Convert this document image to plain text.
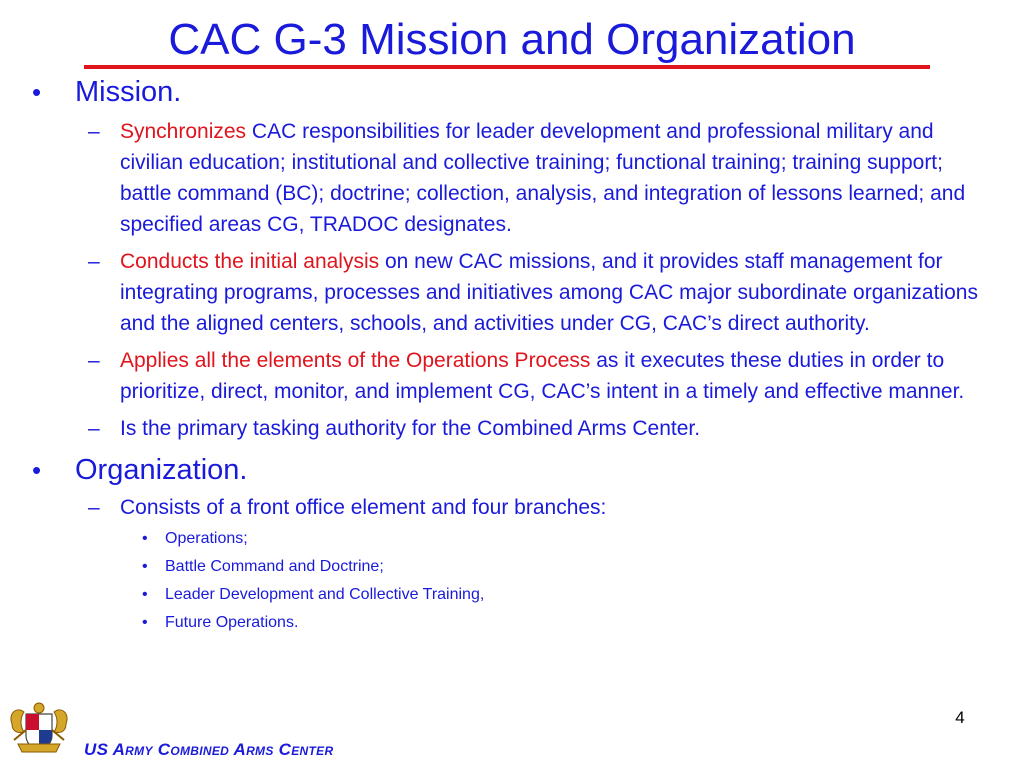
CAC G-3 Mission and Organization
• Mission.
– Synchronizes CAC responsibilities for leader development and professional military and civilian education; institutional and collective training; functional training; training support; battle command (BC); doctrine; collection, analysis, and integration of lessons learned; and specified areas CG, TRADOC designates.
– Conducts the initial analysis on new CAC missions, and it provides staff management for integrating programs, processes and initiatives among CAC major subordinate organizations and the aligned centers, schools, and activities under CG, CAC’s direct authority.
– Applies all the elements of the Operations Process as it executes these duties in order to prioritize, direct, monitor, and implement CG, CAC’s intent in a timely and effective manner.
– Is the primary tasking authority for the Combined Arms Center.
• Organization.
– Consists of a front office element and four branches:
• Operations;
• Battle Command and Doctrine;
• Leader Development and Collective Training,
• Future Operations.
4
US Army Combined Arms Center
